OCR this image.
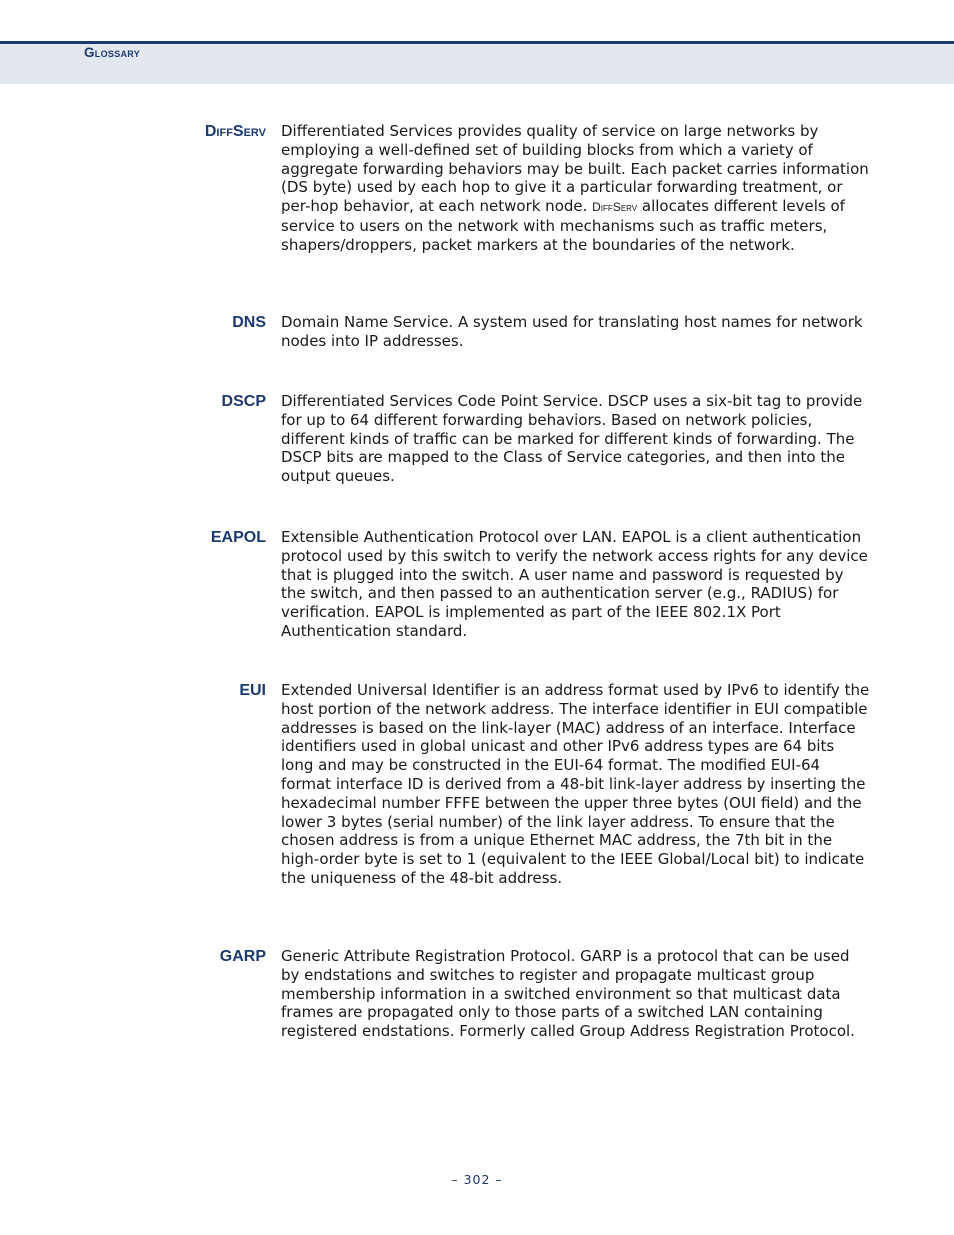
Glossary
DiffServ Differentiated Services provides quality of service on large networks by employing a well-defined set of building blocks from which a variety of aggregate forwarding behaviors may be built. Each packet carries information (DS byte) used by each hop to give it a particular forwarding treatment, or per-hop behavior, at each network node. DiffServ allocates different levels of service to users on the network with mechanisms such as traffic meters, shapers/droppers, packet markers at the boundaries of the network.
DNS Domain Name Service. A system used for translating host names for network nodes into IP addresses.
DSCP Differentiated Services Code Point Service. DSCP uses a six-bit tag to provide for up to 64 different forwarding behaviors. Based on network policies, different kinds of traffic can be marked for different kinds of forwarding. The DSCP bits are mapped to the Class of Service categories, and then into the output queues.
EAPOL Extensible Authentication Protocol over LAN. EAPOL is a client authentication protocol used by this switch to verify the network access rights for any device that is plugged into the switch. A user name and password is requested by the switch, and then passed to an authentication server (e.g., RADIUS) for verification. EAPOL is implemented as part of the IEEE 802.1X Port Authentication standard.
EUI Extended Universal Identifier is an address format used by IPv6 to identify the host portion of the network address. The interface identifier in EUI compatible addresses is based on the link-layer (MAC) address of an interface. Interface identifiers used in global unicast and other IPv6 address types are 64 bits long and may be constructed in the EUI-64 format. The modified EUI-64 format interface ID is derived from a 48-bit link-layer address by inserting the hexadecimal number FFFE between the upper three bytes (OUI field) and the lower 3 bytes (serial number) of the link layer address. To ensure that the chosen address is from a unique Ethernet MAC address, the 7th bit in the high-order byte is set to 1 (equivalent to the IEEE Global/Local bit) to indicate the uniqueness of the 48-bit address.
GARP Generic Attribute Registration Protocol. GARP is a protocol that can be used by endstations and switches to register and propagate multicast group membership information in a switched environment so that multicast data frames are propagated only to those parts of a switched LAN containing registered endstations. Formerly called Group Address Registration Protocol.
– 302 –
